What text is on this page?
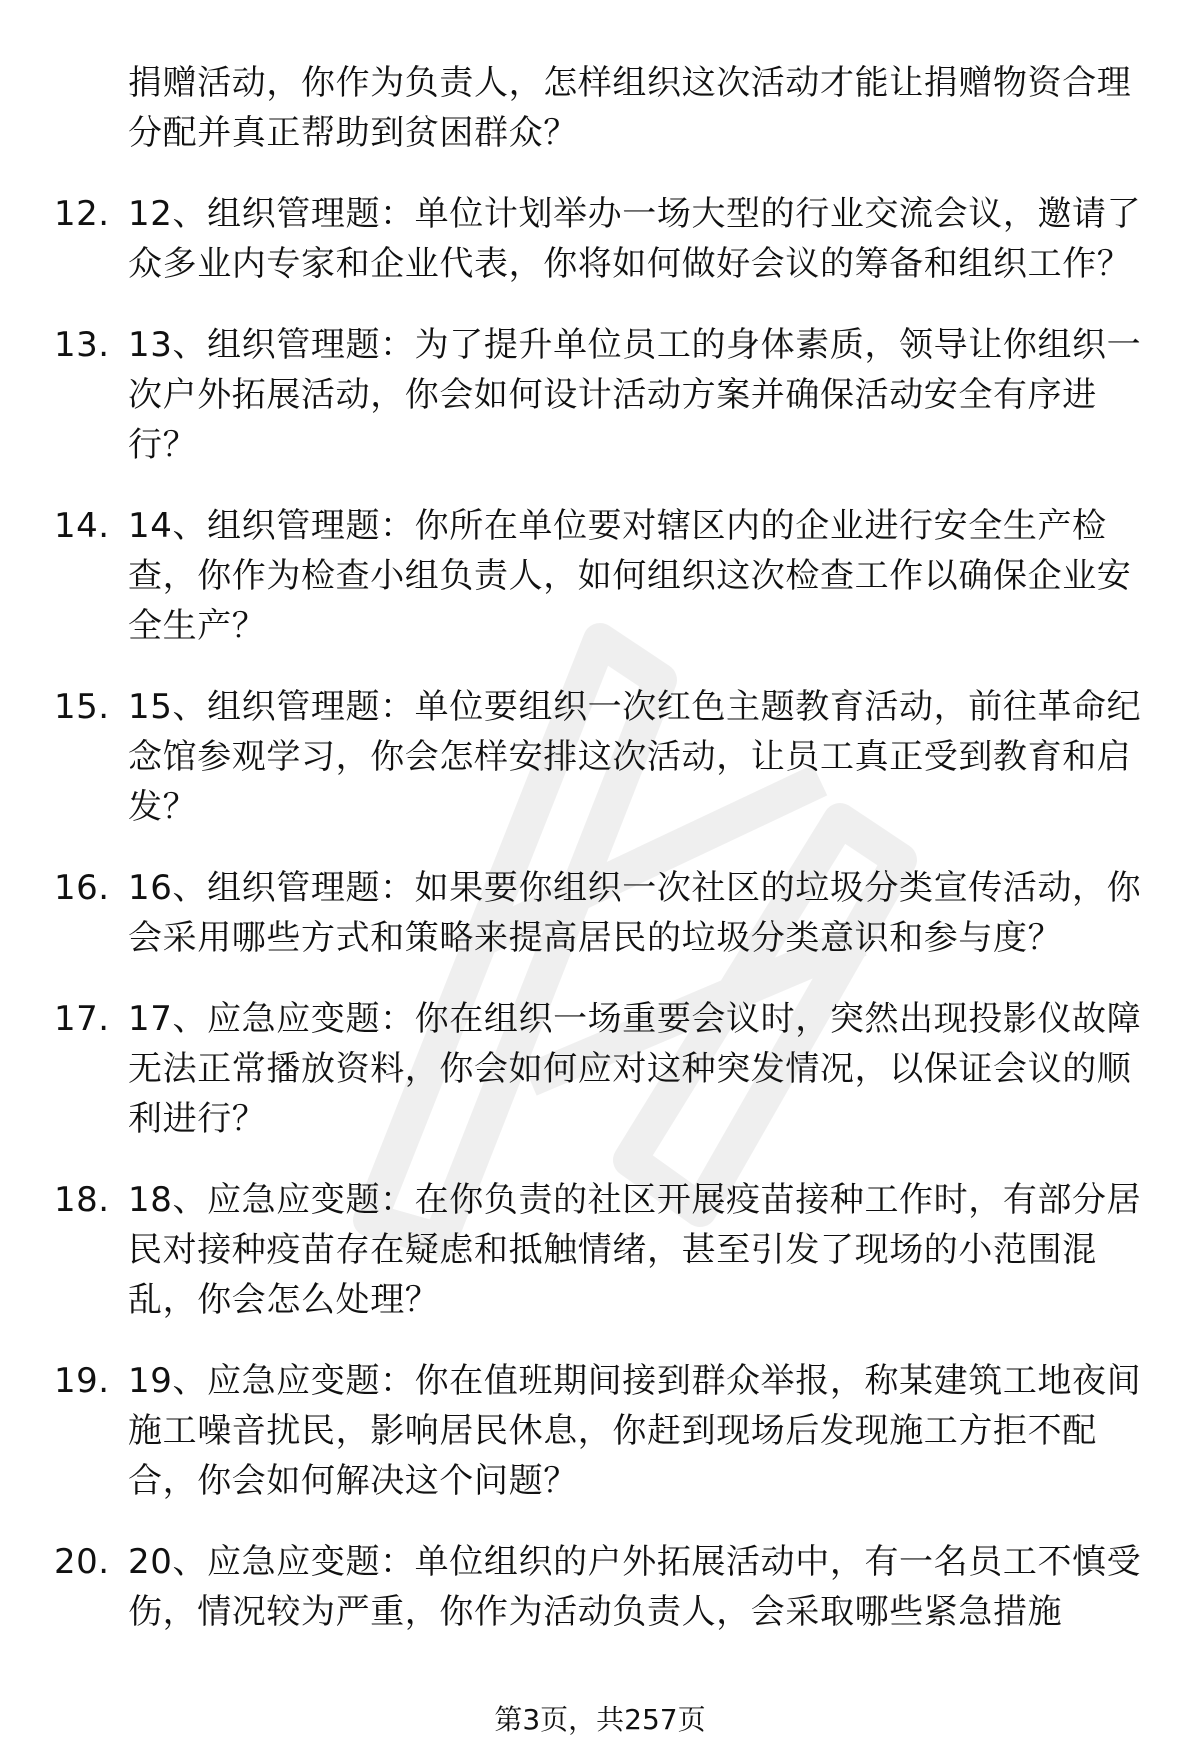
捐赠活动，你作为负责人，怎样组织这次活动才能让捐赠物资合理分配并真正帮助到贫困群众？
12. 12、组织管理题：单位计划举办一场大型的行业交流会议，邀请了众多业内专家和企业代表，你将如何做好会议的筹备和组织工作？
13. 13、组织管理题：为了提升单位员工的身体素质，领导让你组织一次户外拓展活动，你会如何设计活动方案并确保活动安全有序进行？
14. 14、组织管理题：你所在单位要对辖区内的企业进行安全生产检查，你作为检查小组负责人，如何组织这次检查工作以确保企业安全生产？
15. 15、组织管理题：单位要组织一次红色主题教育活动，前往革命纪念馆参观学习，你会怎样安排这次活动，让员工真正受到教育和启发？
16. 16、组织管理题：如果要你组织一次社区的垃圾分类宣传活动，你会采用哪些方式和策略来提高居民的垃圾分类意识和参与度？
17. 17、应急应变题：你在组织一场重要会议时，突然出现投影仪故障无法正常播放资料，你会如何应对这种突发情况，以保证会议的顺利进行？
18. 18、应急应变题：在你负责的社区开展疫苗接种工作时，有部分居民对接种疫苗存在疑虑和抵触情绪，甚至引发了现场的小范围混乱，你会怎么处理？
19. 19、应急应变题：你在值班期间接到群众举报，称某建筑工地夜间施工噪音扰民，影响居民休息，你赶到现场后发现施工方拒不配合，你会如何解决这个问题？
20. 20、应急应变题：单位组织的户外拓展活动中，有一名员工不慎受伤，情况较为严重，你作为活动负责人，会采取哪些紧急措施
第3页，共257页
